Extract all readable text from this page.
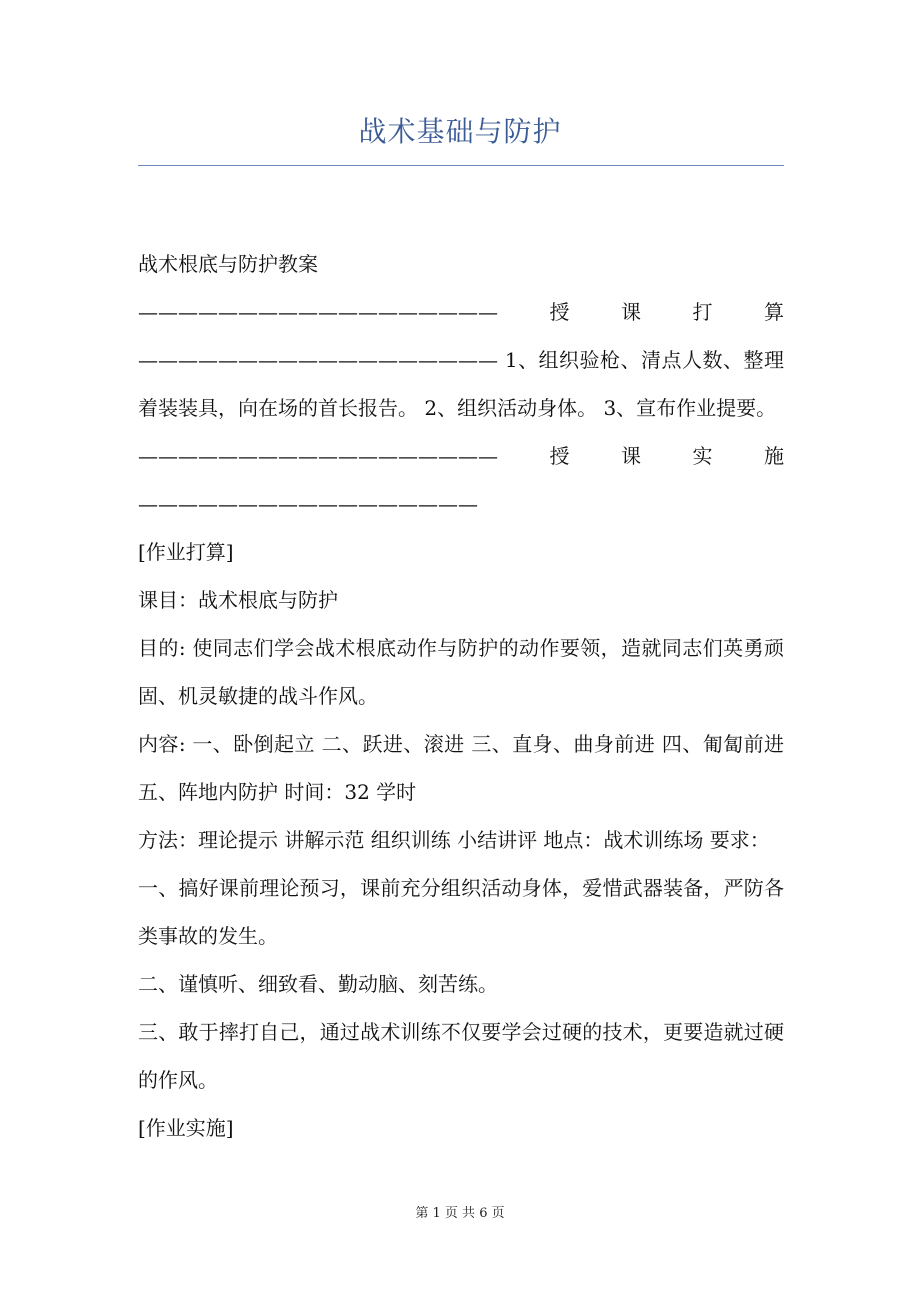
战术基础与防护

战术根底与防护教案

——————————————————授课打算—————————————————— 1、组织验枪、清点人数、整理着装装具，向在场的首长报告。 2、组织活动身体。 3、宣布作业提要。

——————————————————授课实施—————————————————

[作业打算]

课目：战术根底与防护

目的: 使同志们学会战术根底动作与防护的动作要领，造就同志们英勇顽固、机灵敏捷的战斗作风。

内容: 一、卧倒起立 二、跃进、滚进 三、直身、曲身前进 四、匍匐前进 五、阵地内防护 时间：32 学时

方法：理论提示 讲解示范 组织训练 小结讲评 地点：战术训练场 要求：

一、搞好课前理论预习，课前充分组织活动身体，爱惜武器装备，严防各类事故的发生。

二、谨慎听、细致看、勤动脑、刻苦练。

三、敢于摔打自己，通过战术训练不仅要学会过硬的技术，更要造就过硬的作风。

[作业实施]

第 1 页 共 6 页
